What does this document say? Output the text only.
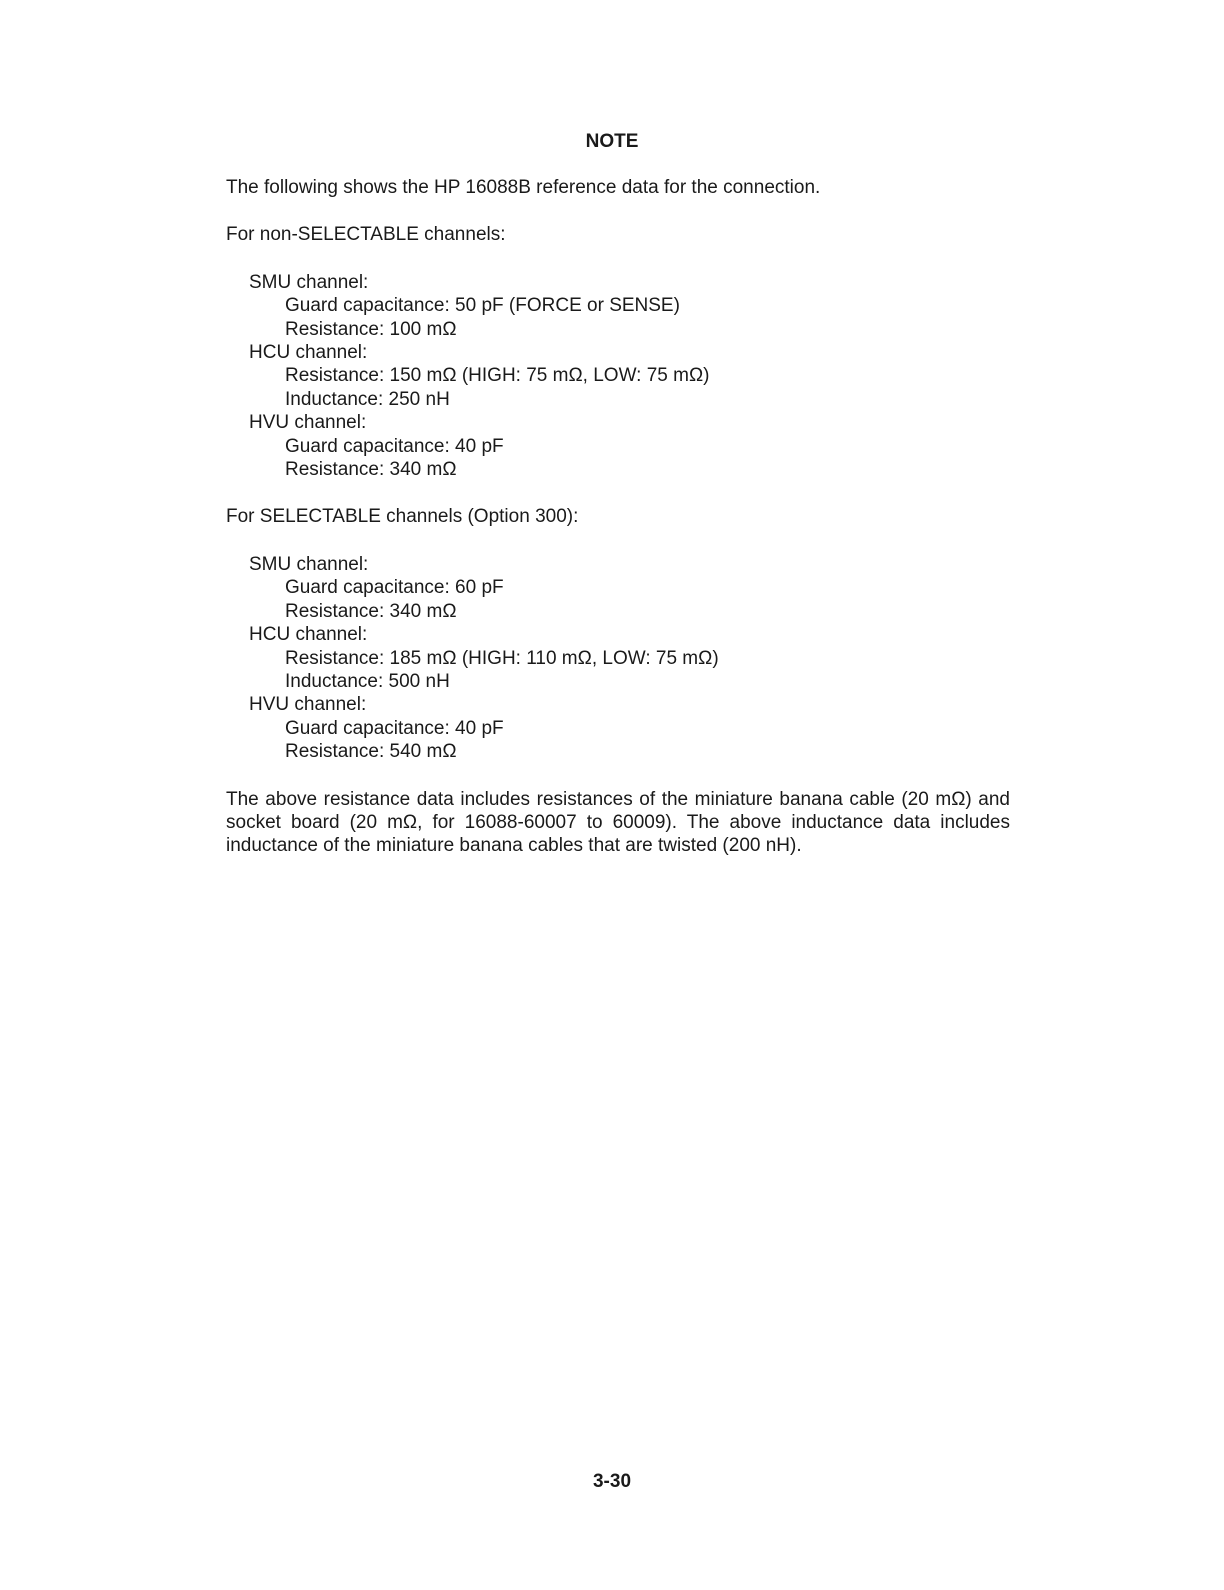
NOTE

The following shows the HP 16088B reference data for the connection.

For non-SELECTABLE channels:

SMU channel:
Guard capacitance: 50 pF (FORCE or SENSE)
Resistance: 100 mΩ
HCU channel:
Resistance: 150 mΩ (HIGH: 75 mΩ, LOW: 75 mΩ)
Inductance: 250 nH
HVU channel:
Guard capacitance: 40 pF
Resistance: 340 mΩ

For SELECTABLE channels (Option 300):

SMU channel:
Guard capacitance: 60 pF
Resistance: 340 mΩ
HCU channel:
Resistance: 185 mΩ (HIGH: 110 mΩ, LOW: 75 mΩ)
Inductance: 500 nH
HVU channel:
Guard capacitance: 40 pF
Resistance: 540 mΩ

The above resistance data includes resistances of the miniature banana cable (20 mΩ) and socket board (20 mΩ, for 16088-60007 to 60009). The above inductance data includes inductance of the miniature banana cables that are twisted (200 nH).

3-30
